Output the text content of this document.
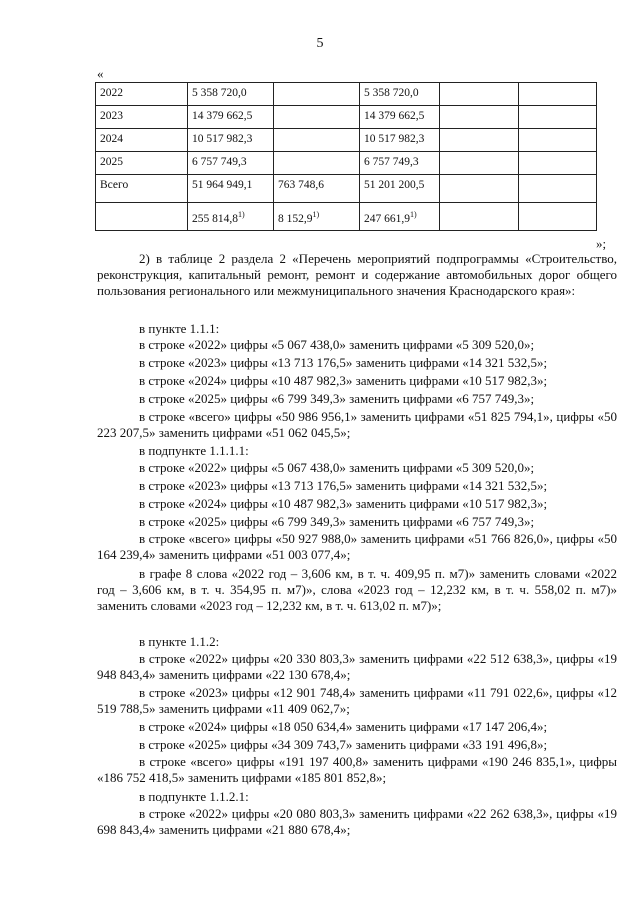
5
«
2022	5 358 720,0		5 358 720,0		
2023	14 379 662,5		14 379 662,5		
2024	10 517 982,3		10 517 982,3		
2025	6 757 749,3		6 757 749,3		
Всего	51 964 949,1	763 748,6	51 201 200,5		
	255 814,8$^{1)}$	8 152,9$^{1)}$	247 661,9$^{1)}$		
»;

2) в таблице 2 раздела 2 «Перечень мероприятий подпрограммы «Строительство, реконструкция, капитальный ремонт, ремонт и содержание автомобильных дорог общего пользования регионального или межмуниципального значения Краснодарского края»:

в пункте 1.1.1:

в строке «2022» цифры «5 067 438,0» заменить цифрами «5 309 520,0»;

в строке «2023» цифры «13 713 176,5» заменить цифрами «14 321 532,5»;

в строке «2024» цифры «10 487 982,3» заменить цифрами «10 517 982,3»;

в строке «2025» цифры «6 799 349,3» заменить цифрами «6 757 749,3»;

в строке «всего» цифры «50 986 956,1» заменить цифрами «51 825 794,1», цифры «50 223 207,5» заменить цифрами «51 062 045,5»;

в подпункте 1.1.1.1:

в строке «2022» цифры «5 067 438,0» заменить цифрами «5 309 520,0»;

в строке «2023» цифры «13 713 176,5» заменить цифрами «14 321 532,5»;

в строке «2024» цифры «10 487 982,3» заменить цифрами «10 517 982,3»;

в строке «2025» цифры «6 799 349,3» заменить цифрами «6 757 749,3»;

в строке «всего» цифры «50 927 988,0» заменить цифрами «51 766 826,0», цифры «50 164 239,4» заменить цифрами «51 003 077,4»;

в графе 8 слова «2022 год – 3,606 км, в т. ч. 409,95 п. м7)» заменить словами «2022 год – 3,606 км, в т. ч. 354,95 п. м7)», слова «2023 год – 12,232 км, в т. ч. 558,02 п. м7)» заменить словами «2023 год – 12,232 км, в т. ч. 613,02 п. м7)»;

в пункте 1.1.2:

в строке «2022» цифры «20 330 803,3» заменить цифрами «22 512 638,3», цифры «19 948 843,4» заменить цифрами «22 130 678,4»;

в строке «2023» цифры «12 901 748,4» заменить цифрами «11 791 022,6», цифры «12 519 788,5» заменить цифрами «11 409 062,7»;

в строке «2024» цифры «18 050 634,4» заменить цифрами «17 147 206,4»;

в строке «2025» цифры «34 309 743,7» заменить цифрами «33 191 496,8»;

в строке «всего» цифры «191 197 400,8» заменить цифрами «190 246 835,1», цифры «186 752 418,5» заменить цифрами «185 801 852,8»;

в подпункте 1.1.2.1:

в строке «2022» цифры «20 080 803,3» заменить цифрами «22 262 638,3», цифры «19 698 843,4» заменить цифрами «21 880 678,4»;
